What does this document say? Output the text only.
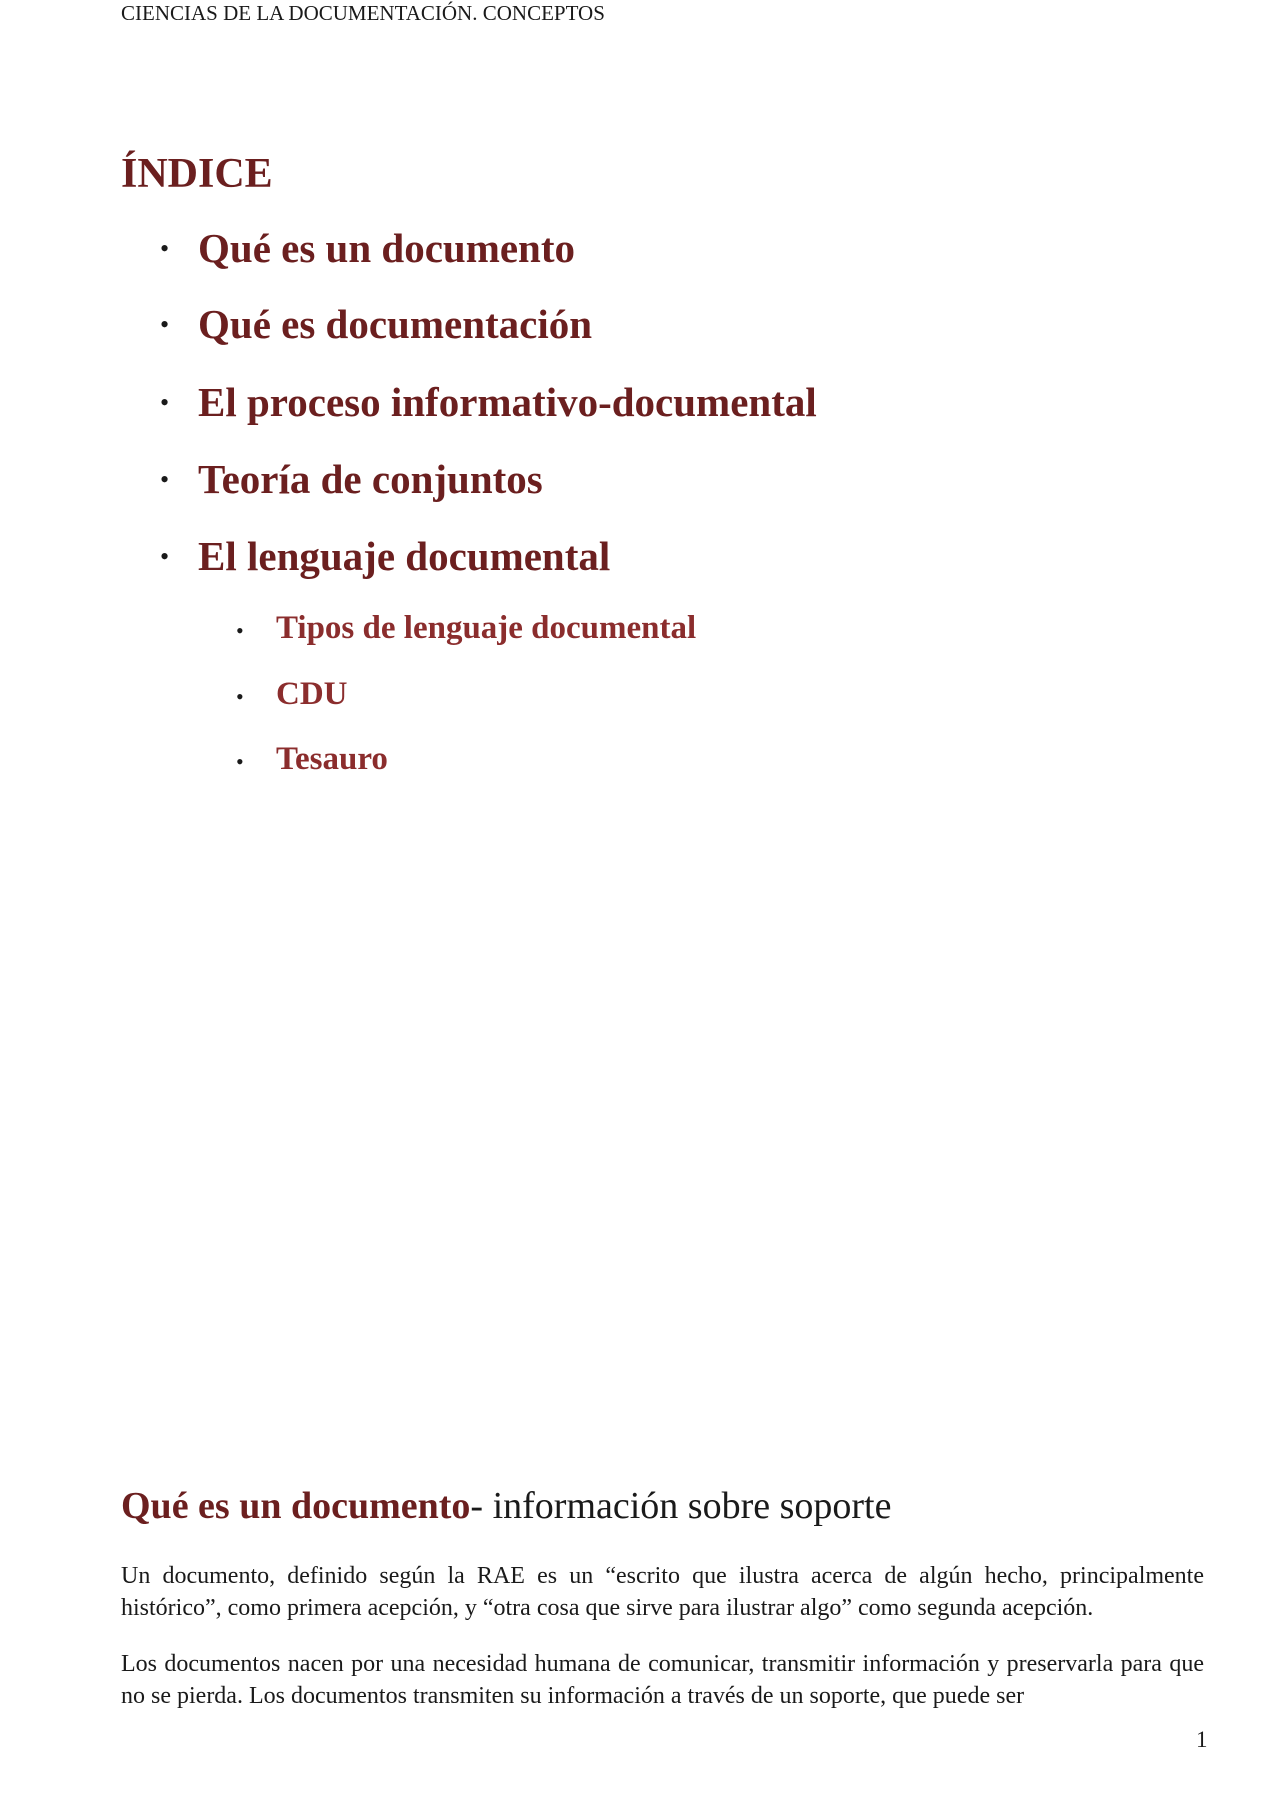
CIENCIAS DE LA DOCUMENTACIÓN. CONCEPTOS
ÍNDICE
• Qué es un documento
• Qué es documentación
• El proceso informativo-documental
• Teoría de conjuntos
• El lenguaje documental
• Tipos de lenguaje documental
• CDU
• Tesauro
Qué es un documento- información sobre soporte

Un documento, definido según la RAE es un “escrito que ilustra acerca de algún hecho, principalmente histórico”, como primera acepción, y “otra cosa que sirve para ilustrar algo” como segunda acepción.

Los documentos nacen por una necesidad humana de comunicar, transmitir información y preservarla para que no se pierda. Los documentos transmiten su información a través de un soporte, que puede ser

1
